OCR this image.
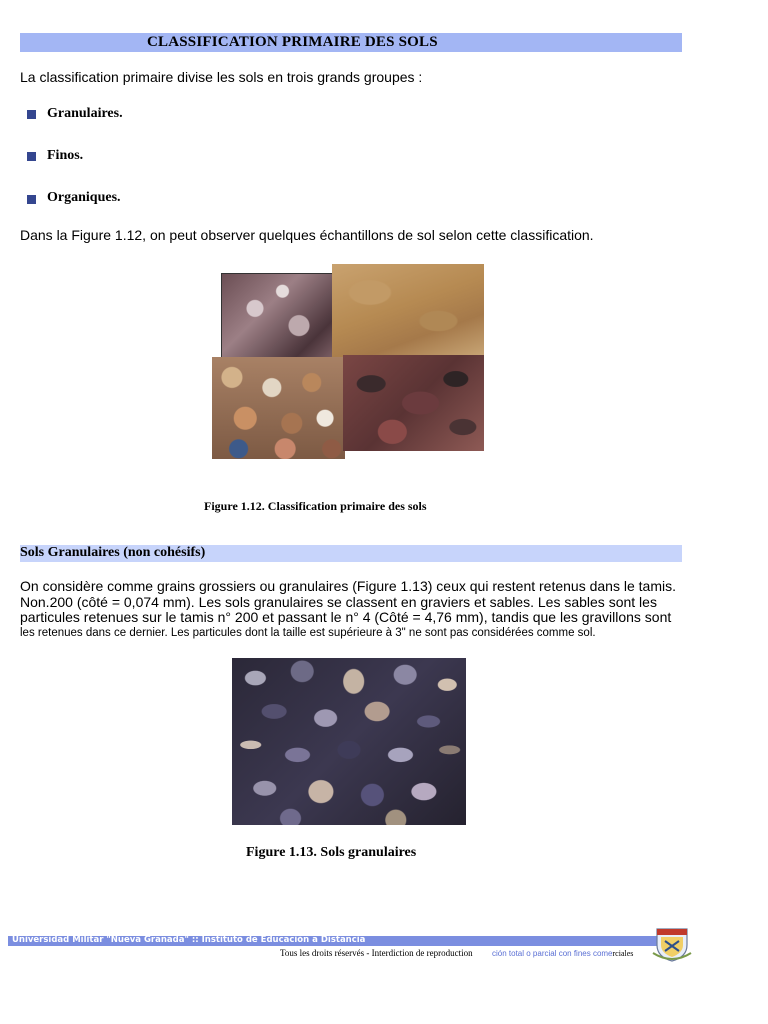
CLASSIFICATION PRIMAIRE DES SOLS
La classification primaire divise les sols en trois grands groupes :
Granulaires.
Finos.
Organiques.
Dans la Figure 1.12, on peut observer quelques échantillons de sol selon cette classification.
Figure 1.12. Classification primaire des sols
Sols Granulaires (non cohésifs)
On considère comme grains grossiers ou granulaires (Figure 1.13) ceux qui restent retenus dans le tamis.
Non.200 (côté = 0,074 mm). Les sols granulaires se classent en graviers et sables. Les sables sont les
particules retenues sur le tamis n° 200 et passant le n° 4 (Côté = 4,76 mm), tandis que les gravillons sont
les retenues dans ce dernier. Les particules dont la taille est supérieure à 3" ne sont pas considérées comme sol.
Figure 1.13. Sols granulaires
Universidad Militar "Nueva Granada" :: Instituto de Educación a Distancia
Tous les droits réservés - Interdiction de reproduction ción total o parcial con fines comerciales
